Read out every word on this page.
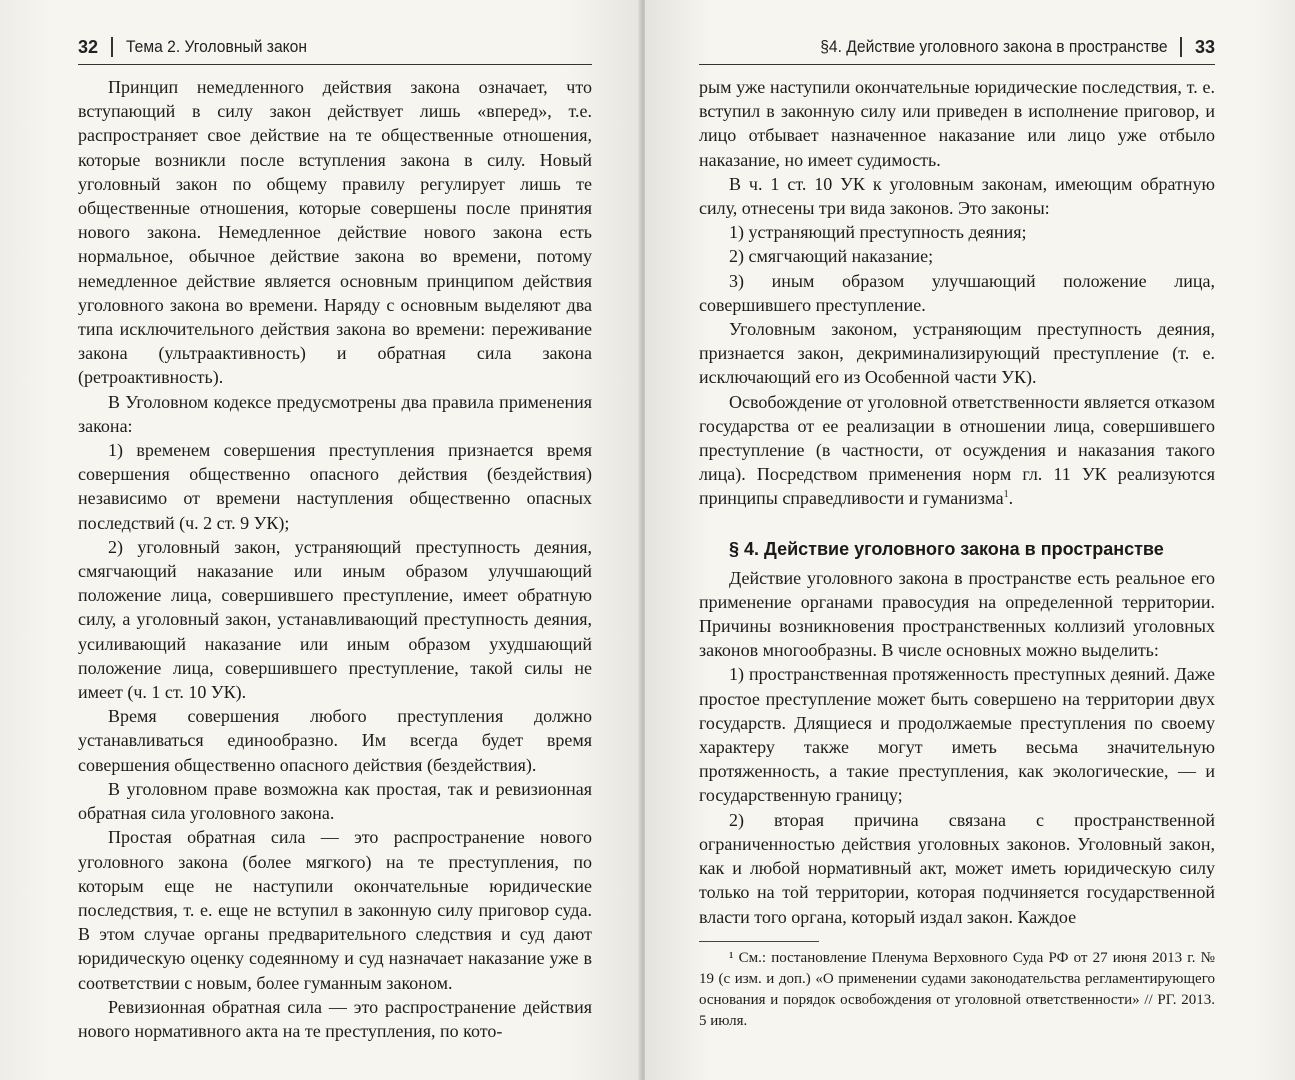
32 Тема 2. Уголовный закон

Принцип немедленного действия закона означает, что вступающий в силу закон действует лишь «вперед», т.е. распространяет свое действие на те общественные отношения, которые возникли после вступления закона в силу. Новый уголовный закон по общему правилу регулирует лишь те общественные отношения, которые совершены после принятия нового закона. Немедленное действие нового закона есть нормальное, обычное действие закона во времени, потому немедленное действие является основным принципом действия уголовного закона во времени. Наряду с основным выделяют два типа исключительного действия закона во времени: переживание закона (ультраактивность) и обратная сила закона (ретроактивность).

В Уголовном кодексе предусмотрены два правила применения закона:

1) временем совершения преступления признается время совершения общественно опасного действия (бездействия) независимо от времени наступления общественно опасных последствий (ч. 2 ст. 9 УК);

2) уголовный закон, устраняющий преступность деяния, смягчающий наказание или иным образом улучшающий положение лица, совершившего преступление, имеет обратную силу, а уголовный закон, устанавливающий преступность деяния, усиливающий наказание или иным образом ухудшающий положение лица, совершившего преступление, такой силы не имеет (ч. 1 ст. 10 УК).

Время совершения любого преступления должно устанавливаться единообразно. Им всегда будет время совершения общественно опасного действия (бездействия).

В уголовном праве возможна как простая, так и ревизионная обратная сила уголовного закона.

Простая обратная сила — это распространение нового уголовного закона (более мягкого) на те преступления, по которым еще не наступили окончательные юридические последствия, т. е. еще не вступил в законную силу приговор суда. В этом случае органы предварительного следствия и суд дают юридическую оценку содеянному и суд назначает наказание уже в соответствии с новым, более гуманным законом.

Ревизионная обратная сила — это распространение действия нового нормативного акта на те преступления, по кото-

§4. Действие уголовного закона в пространстве 33

рым уже наступили окончательные юридические последствия, т. е. вступил в законную силу или приведен в исполнение приговор, и лицо отбывает назначенное наказание или лицо уже отбыло наказание, но имеет судимость.

В ч. 1 ст. 10 УК к уголовным законам, имеющим обратную силу, отнесены три вида законов. Это законы:

1) устраняющий преступность деяния;

2) смягчающий наказание;

3) иным образом улучшающий положение лица, совершившего преступление.

Уголовным законом, устраняющим преступность деяния, признается закон, декриминализирующий преступление (т. е. исключающий его из Особенной части УК).

Освобождение от уголовной ответственности является отказом государства от ее реализации в отношении лица, совершившего преступление (в частности, от осуждения и наказания такого лица). Посредством применения норм гл. 11 УК реализуются принципы справедливости и гуманизма$^1$.

§ 4. Действие уголовного закона в пространстве

Действие уголовного закона в пространстве есть реальное его применение органами правосудия на определенной территории. Причины возникновения пространственных коллизий уголовных законов многообразны. В числе основных можно выделить:

1) пространственная протяженность преступных деяний. Даже простое преступление может быть совершено на территории двух государств. Длящиеся и продолжаемые преступления по своему характеру также могут иметь весьма значительную протяженность, а такие преступления, как экологические, — и государственную границу;

2) вторая причина связана с пространственной ограниченностью действия уголовных законов. Уголовный закон, как и любой нормативный акт, может иметь юридическую силу только на той территории, которая подчиняется государственной власти того органа, который издал закон. Каждое

¹ См.: постановление Пленума Верховного Суда РФ от 27 июня 2013 г. № 19 (с изм. и доп.) «О применении судами законодательства регламентирующего основания и порядок освобождения от уголовной ответственности» // РГ. 2013. 5 июля.
